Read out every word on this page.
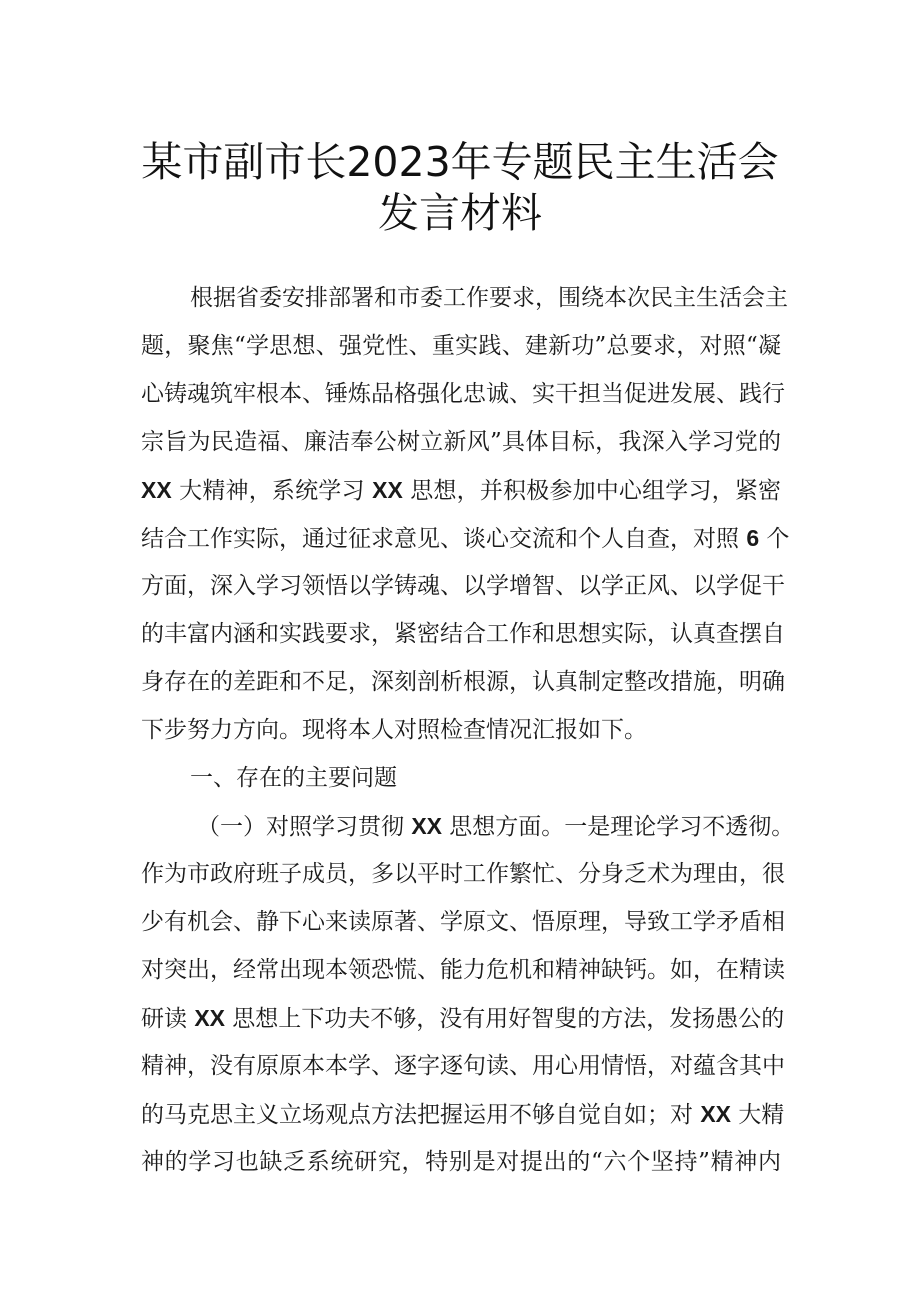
某市副市长2023年专题民主生活会
发言材料
根据省委安排部署和市委工作要求，围绕本次民主生活会主
题，聚焦“学思想、强党性、重实践、建新功”总要求，对照“凝
心铸魂筑牢根本、锤炼品格强化忠诚、实干担当促进发展、践行
宗旨为民造福、廉洁奉公树立新风”具体目标，我深入学习党的
XX 大精神，系统学习 XX 思想，并积极参加中心组学习，紧密
结合工作实际，通过征求意见、谈心交流和个人自查，对照 6 个
方面，深入学习领悟以学铸魂、以学增智、以学正风、以学促干
的丰富内涵和实践要求，紧密结合工作和思想实际，认真查摆自
身存在的差距和不足，深刻剖析根源，认真制定整改措施，明确
下步努力方向。现将本人对照检查情况汇报如下。
一、存在的主要问题
（一）对照学习贯彻 XX 思想方面。一是理论学习不透彻。
作为市政府班子成员，多以平时工作繁忙、分身乏术为理由，很
少有机会、静下心来读原著、学原文、悟原理，导致工学矛盾相
对突出，经常出现本领恐慌、能力危机和精神缺钙。如，在精读
研读 XX 思想上下功夫不够，没有用好智叟的方法，发扬愚公的
精神，没有原原本本学、逐字逐句读、用心用情悟，对蕴含其中
的马克思主义立场观点方法把握运用不够自觉自如；对 XX 大精
神的学习也缺乏系统研究，特别是对提出的“六个坚持”精神内
